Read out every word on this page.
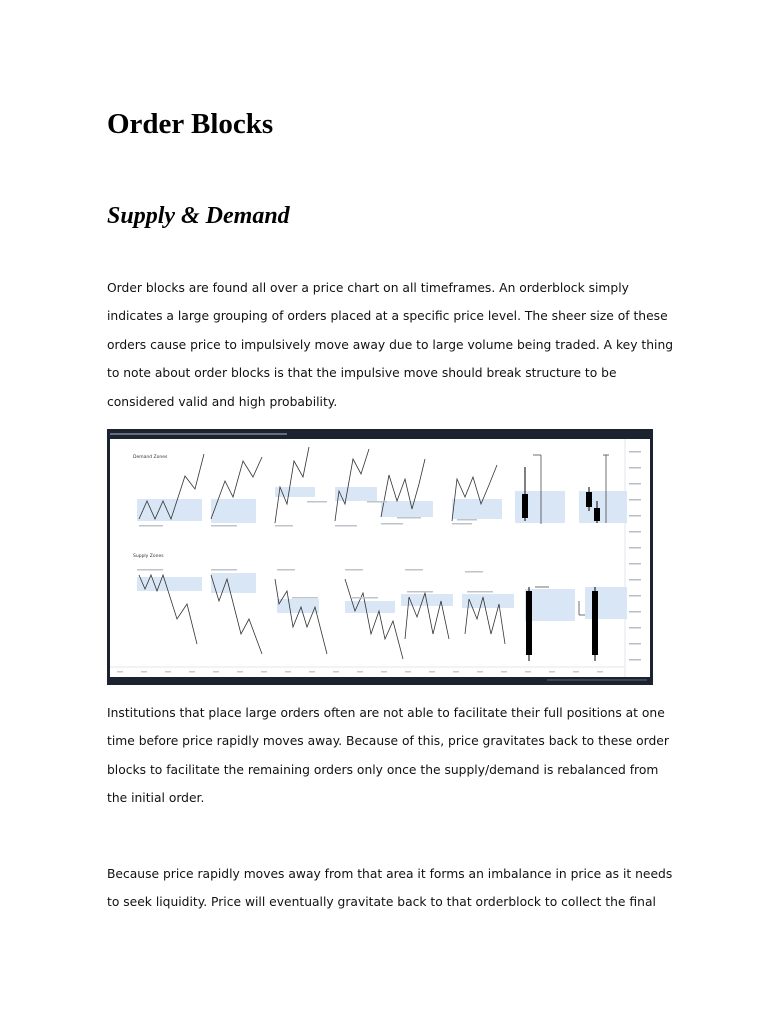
Order Blocks
Supply & Demand

Order blocks are found all over a price chart on all timeframes. An orderblock simply
indicates a large grouping of orders placed at a specific price level. The sheer size of these
orders cause price to impulsively move away due to large volume being traded. A key thing
to note about order blocks is that the impulsive move should break structure to be
considered valid and high probability.

Demand Zones
Supply Zones

Institutions that place large orders often are not able to facilitate their full positions at one
time before price rapidly moves away. Because of this, price gravitates back to these order
blocks to facilitate the remaining orders only once the supply/demand is rebalanced from
the initial order.

Because price rapidly moves away from that area it forms an imbalance in price as it needs
to seek liquidity. Price will eventually gravitate back to that orderblock to collect the final
